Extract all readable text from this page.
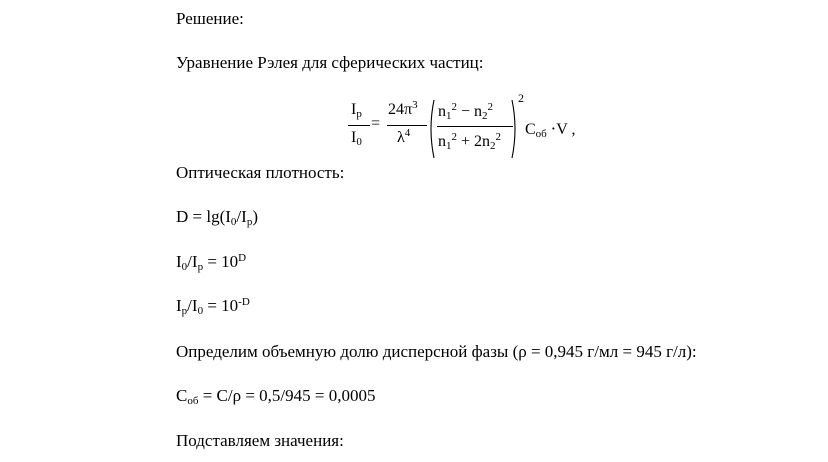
Решение:
Уравнение Рэлея для сферических частиц:
$I_p$
$I_0$
=
$24\pi^3$
$\lambda^4$
$n_1^2 - n_2^2$
$n_1^2 + 2n_2^2$
2
$C_{об} \cdot V$ ,
Оптическая плотность:
$D = \lg(I_0/I_p)$
$I_0/I_p = 10^D$
$I_p/I_0 = 10^{-D}$
Определим объемную долю дисперсной фазы (ρ = 0,945 г/мл = 945 г/л):
$C_{об} = C/\rho = 0,5/945 = 0,0005$
Подставляем значения:
